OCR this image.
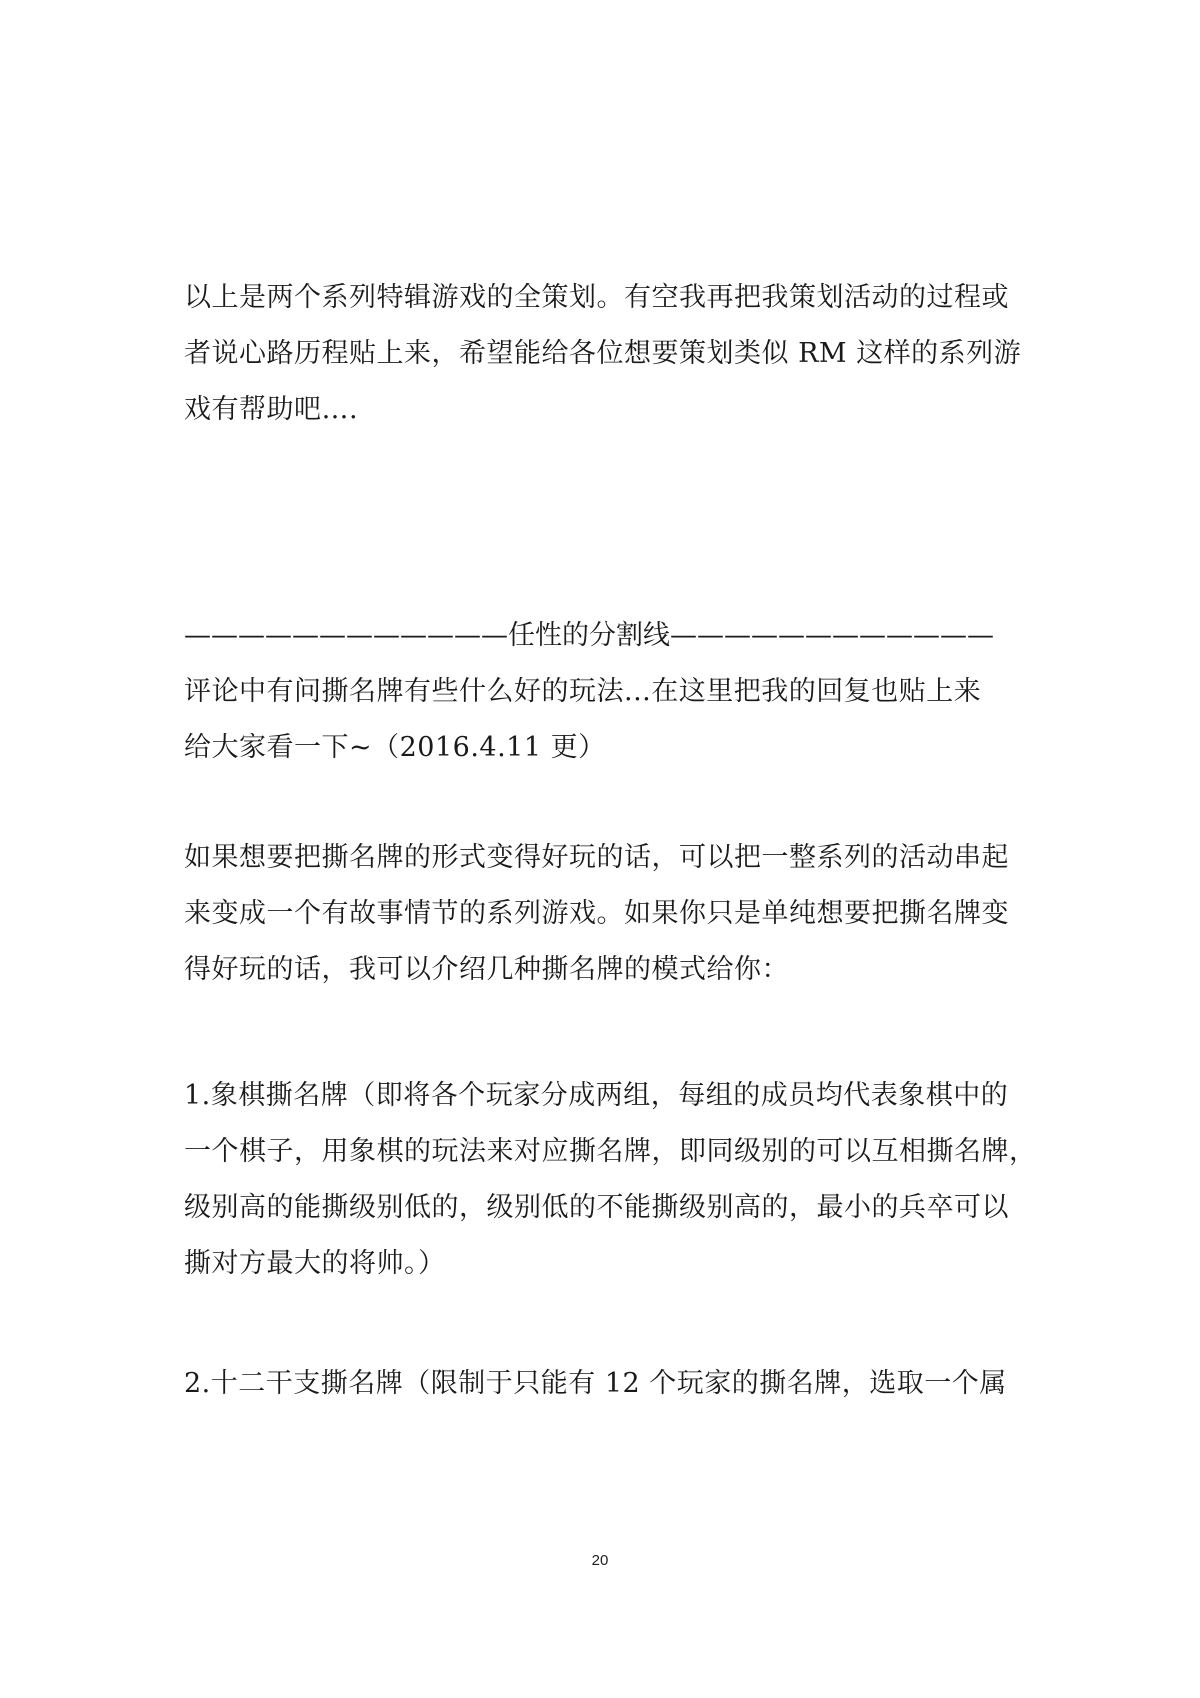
以上是两个系列特辑游戏的全策划。有空我再把我策划活动的过程或
者说心路历程贴上来，希望能给各位想要策划类似 RM 这样的系列游
戏有帮助吧….
————————————任性的分割线————————————
评论中有问撕名牌有些什么好的玩法...在这里把我的回复也贴上来
给大家看一下~（2016.4.11 更）
如果想要把撕名牌的形式变得好玩的话，可以把一整系列的活动串起
来变成一个有故事情节的系列游戏。如果你只是单纯想要把撕名牌变
得好玩的话，我可以介绍几种撕名牌的模式给你：
1.象棋撕名牌（即将各个玩家分成两组，每组的成员均代表象棋中的
一个棋子，用象棋的玩法来对应撕名牌，即同级别的可以互相撕名牌，
级别高的能撕级别低的，级别低的不能撕级别高的，最小的兵卒可以
撕对方最大的将帅。）
2.十二干支撕名牌（限制于只能有 12 个玩家的撕名牌，选取一个属
20
